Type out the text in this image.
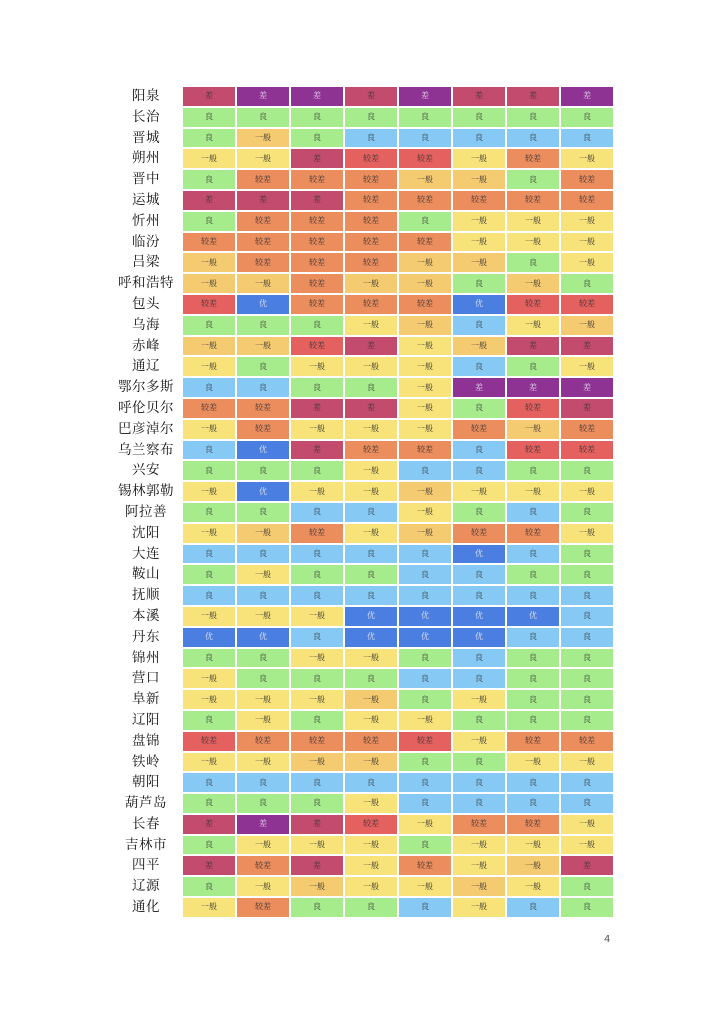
阳泉	差	差	差	差	差	差	差	差
长治	良	良	良	良	良	良	良	良
晋城	良	一般	良	良	良	良	良	良
朔州	一般	一般	差	较差	较差	一般	较差	一般
晋中	良	较差	较差	较差	一般	一般	良	较差
运城	差	差	差	较差	较差	较差	较差	较差
忻州	良	较差	较差	较差	良	一般	一般	一般
临汾	较差	较差	较差	较差	较差	一般	一般	一般
吕梁	一般	较差	较差	较差	一般	一般	良	一般
呼和浩特	一般	一般	较差	一般	一般	良	一般	良
包头	较差	优	较差	较差	较差	优	较差	较差
乌海	良	良	良	一般	一般	良	一般	一般
赤峰	一般	一般	较差	差	一般	一般	差	差
通辽	一般	良	一般	一般	一般	良	良	一般
鄂尔多斯	良	良	良	良	一般	差	差	差
呼伦贝尔	较差	较差	差	差	一般	良	较差	差
巴彦淖尔	一般	较差	一般	一般	一般	较差	一般	较差
乌兰察布	良	优	差	较差	较差	良	较差	较差
兴安	良	良	良	一般	良	良	良	良
锡林郭勒	一般	优	一般	一般	一般	一般	一般	一般
阿拉善	良	良	良	良	一般	良	良	良
沈阳	一般	一般	较差	一般	一般	较差	较差	一般
大连	良	良	良	良	良	优	良	良
鞍山	良	一般	良	良	良	良	良	良
抚顺	良	良	良	良	良	良	良	良
本溪	一般	一般	一般	优	优	优	优	良
丹东	优	优	良	优	优	优	良	良
锦州	良	良	一般	一般	良	良	良	良
营口	一般	良	良	良	良	良	良	良
阜新	一般	一般	一般	一般	良	一般	良	良
辽阳	良	一般	良	一般	一般	良	良	良
盘锦	较差	较差	较差	较差	较差	一般	较差	较差
铁岭	一般	一般	一般	一般	良	良	一般	一般
朝阳	良	良	良	良	良	良	良	良
葫芦岛	良	良	良	一般	良	良	良	良
长春	差	差	差	较差	一般	较差	较差	一般
吉林市	良	一般	一般	一般	良	一般	一般	一般
四平	差	较差	差	一般	较差	一般	一般	差
辽源	良	一般	一般	一般	一般	一般	一般	良
通化	一般	较差	良	良	良	一般	良	良
4
